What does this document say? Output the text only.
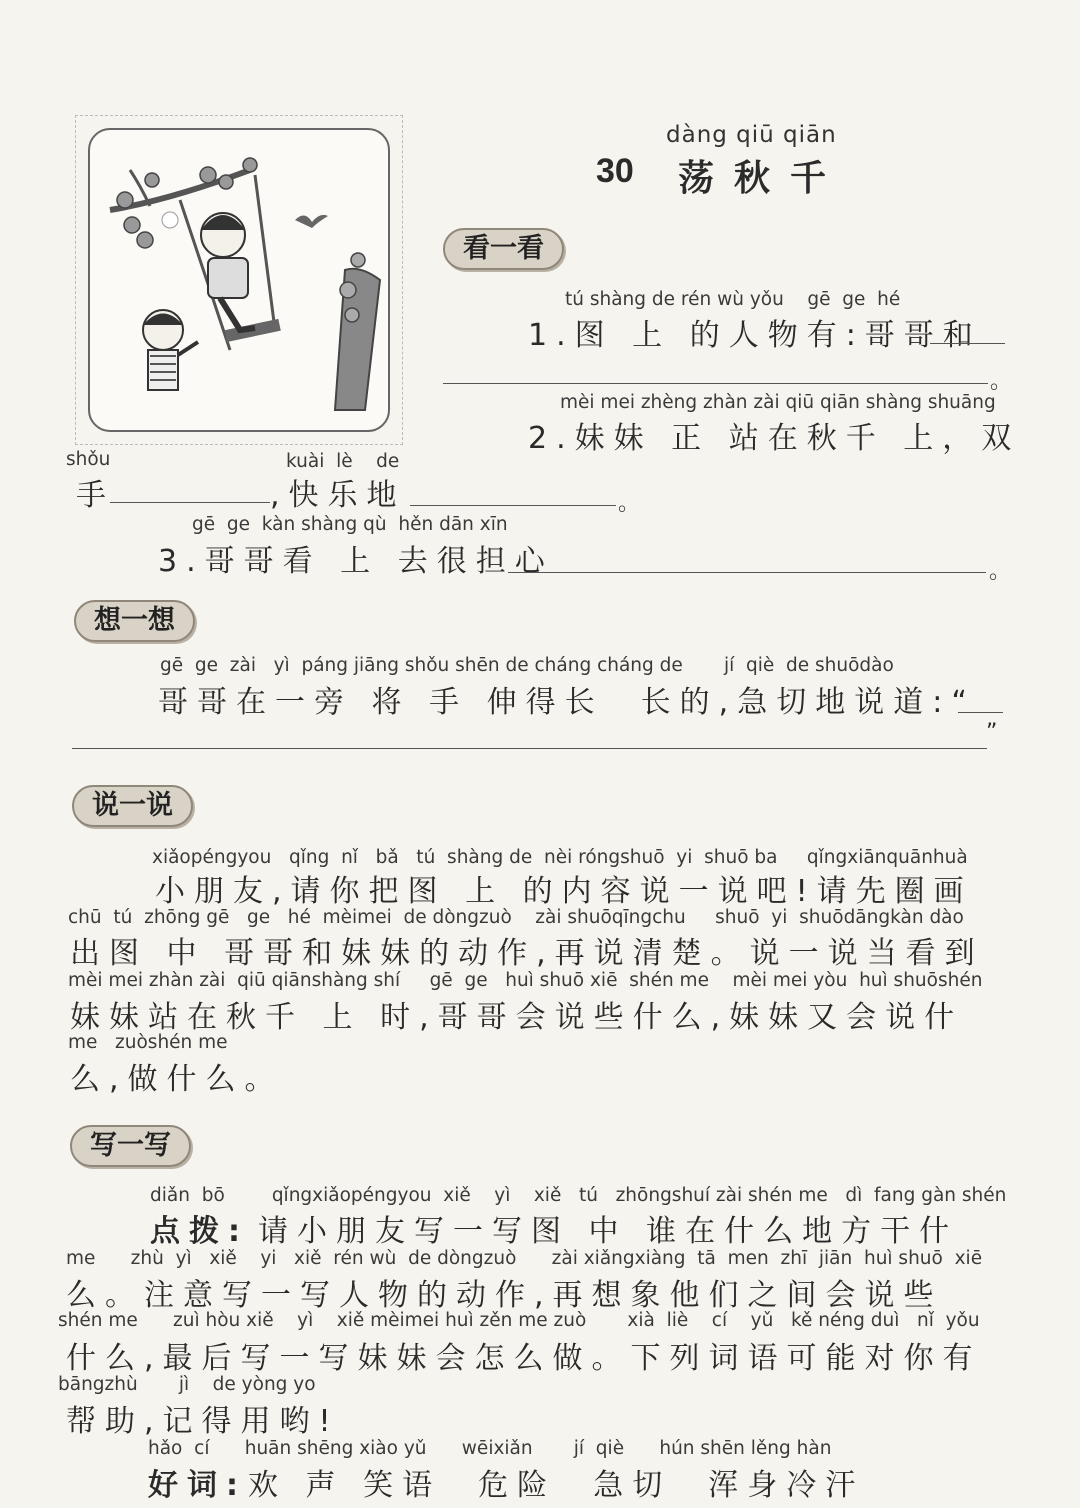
dàng qiū qiān
30 荡秋千
看一看
tú shàng de rén wù yǒu    gē  ge  hé
1.图 上 的人物有:哥哥和
。
mèi mei zhèng zhàn zài qiū qiān shàng shuāng
2.妹妹 正 站在秋千 上，双
shǒu	kuài  lè    de
手	,快乐地	。
gē  ge  kàn shàng qù  hěn dān xīn
3.哥哥看 上 去很担心	。
想一想
gē  ge  zài   yì  páng jiāng shǒu shēn de cháng cháng de       jí  qiè  de shuōdào
哥哥在一旁 将 手 伸得长  长的,急切地说道:“
”
说一说
xiǎopéngyou   qǐng  nǐ   bǎ   tú  shàng de  nèi róngshuō  yi  shuō ba     qǐngxiānquānhuà
小朋友,请你把图 上 的内容说一说吧!请先圈画
chū  tú  zhōng gē   ge   hé  mèimei  de dòngzuò    zài shuōqīngchu     shuō  yi  shuōdāngkàn dào
出图 中 哥哥和妹妹的动作,再说清楚。说一说当看到
mèi mei zhàn zài  qiū qiānshàng shí     gē  ge   huì shuō xiē  shén me    mèi mei yòu  huì shuōshén
妹妹站在秋千 上 时,哥哥会说些什么,妹妹又会说什
me   zuòshén me
么,做什么。
写一写
diǎn  bō        qǐngxiǎopéngyou  xiě    yì    xiě   tú   zhōngshuí zài shén me   dì  fang gàn shén
点拨: 请小朋友写一写图 中 谁在什么地方干什
me      zhù  yì   xiě    yi   xiě  rén wù  de dòngzuò      zài xiǎngxiàng  tā  men  zhī  jiān  huì shuō  xiē
么。注意写一写人物的动作,再想象他们之间会说些
shén me      zuì hòu xiě    yì    xiě mèimei huì zěn me zuò       xià  liè    cí    yǔ   kě néng duì   nǐ  yǒu
什么,最后写一写妹妹会怎么做。下列词语可能对你有
bāngzhù       jì    de yòng yo
帮助,记得用哟!
hǎo  cí      huān shēng xiào yǔ      wēixiǎn       jí  qiè      hún shēn lěng hàn
好词: 欢 声 笑语  危险  急切  浑身冷汗
